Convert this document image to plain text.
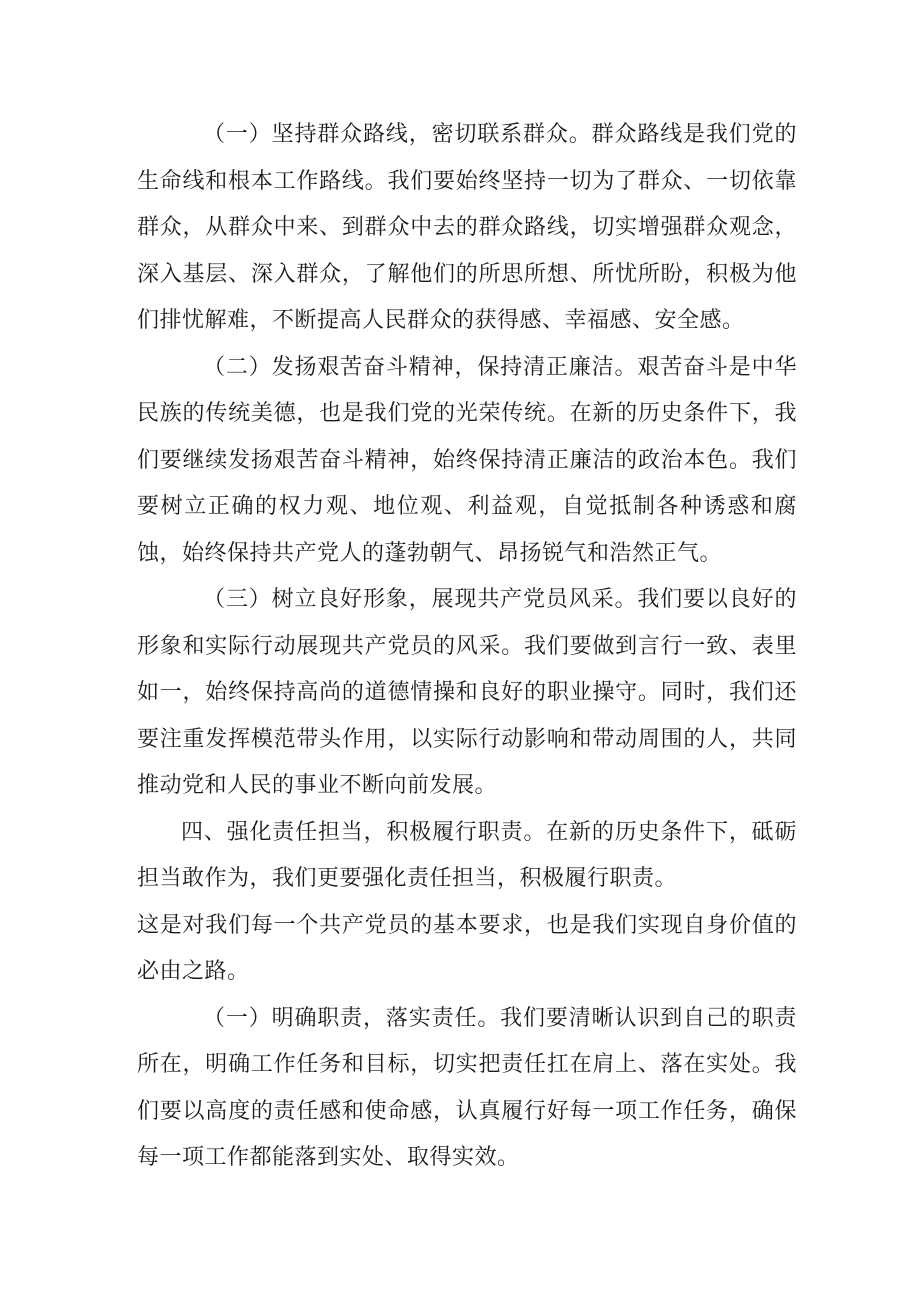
（一）坚持群众路线，密切联系群众。群众路线是我们党的生命线和根本工作路线。我们要始终坚持一切为了群众、一切依靠群众，从群众中来、到群众中去的群众路线，切实增强群众观念，深入基层、深入群众，了解他们的所思所想、所忧所盼，积极为他们排忧解难，不断提高人民群众的获得感、幸福感、安全感。

（二）发扬艰苦奋斗精神，保持清正廉洁。艰苦奋斗是中华民族的传统美德，也是我们党的光荣传统。在新的历史条件下，我们要继续发扬艰苦奋斗精神，始终保持清正廉洁的政治本色。我们要树立正确的权力观、地位观、利益观，自觉抵制各种诱惑和腐蚀，始终保持共产党人的蓬勃朝气、昂扬锐气和浩然正气。

（三）树立良好形象，展现共产党员风采。我们要以良好的形象和实际行动展现共产党员的风采。我们要做到言行一致、表里如一，始终保持高尚的道德情操和良好的职业操守。同时，我们还要注重发挥模范带头作用，以实际行动影响和带动周围的人，共同推动党和人民的事业不断向前发展。

四、强化责任担当，积极履行职责。在新的历史条件下，砥砺担当敢作为，我们更要强化责任担当，积极履行职责。

这是对我们每一个共产党员的基本要求，也是我们实现自身价值的必由之路。

（一）明确职责，落实责任。我们要清晰认识到自己的职责所在，明确工作任务和目标，切实把责任扛在肩上、落在实处。我们要以高度的责任感和使命感，认真履行好每一项工作任务，确保每一项工作都能落到实处、取得实效。
